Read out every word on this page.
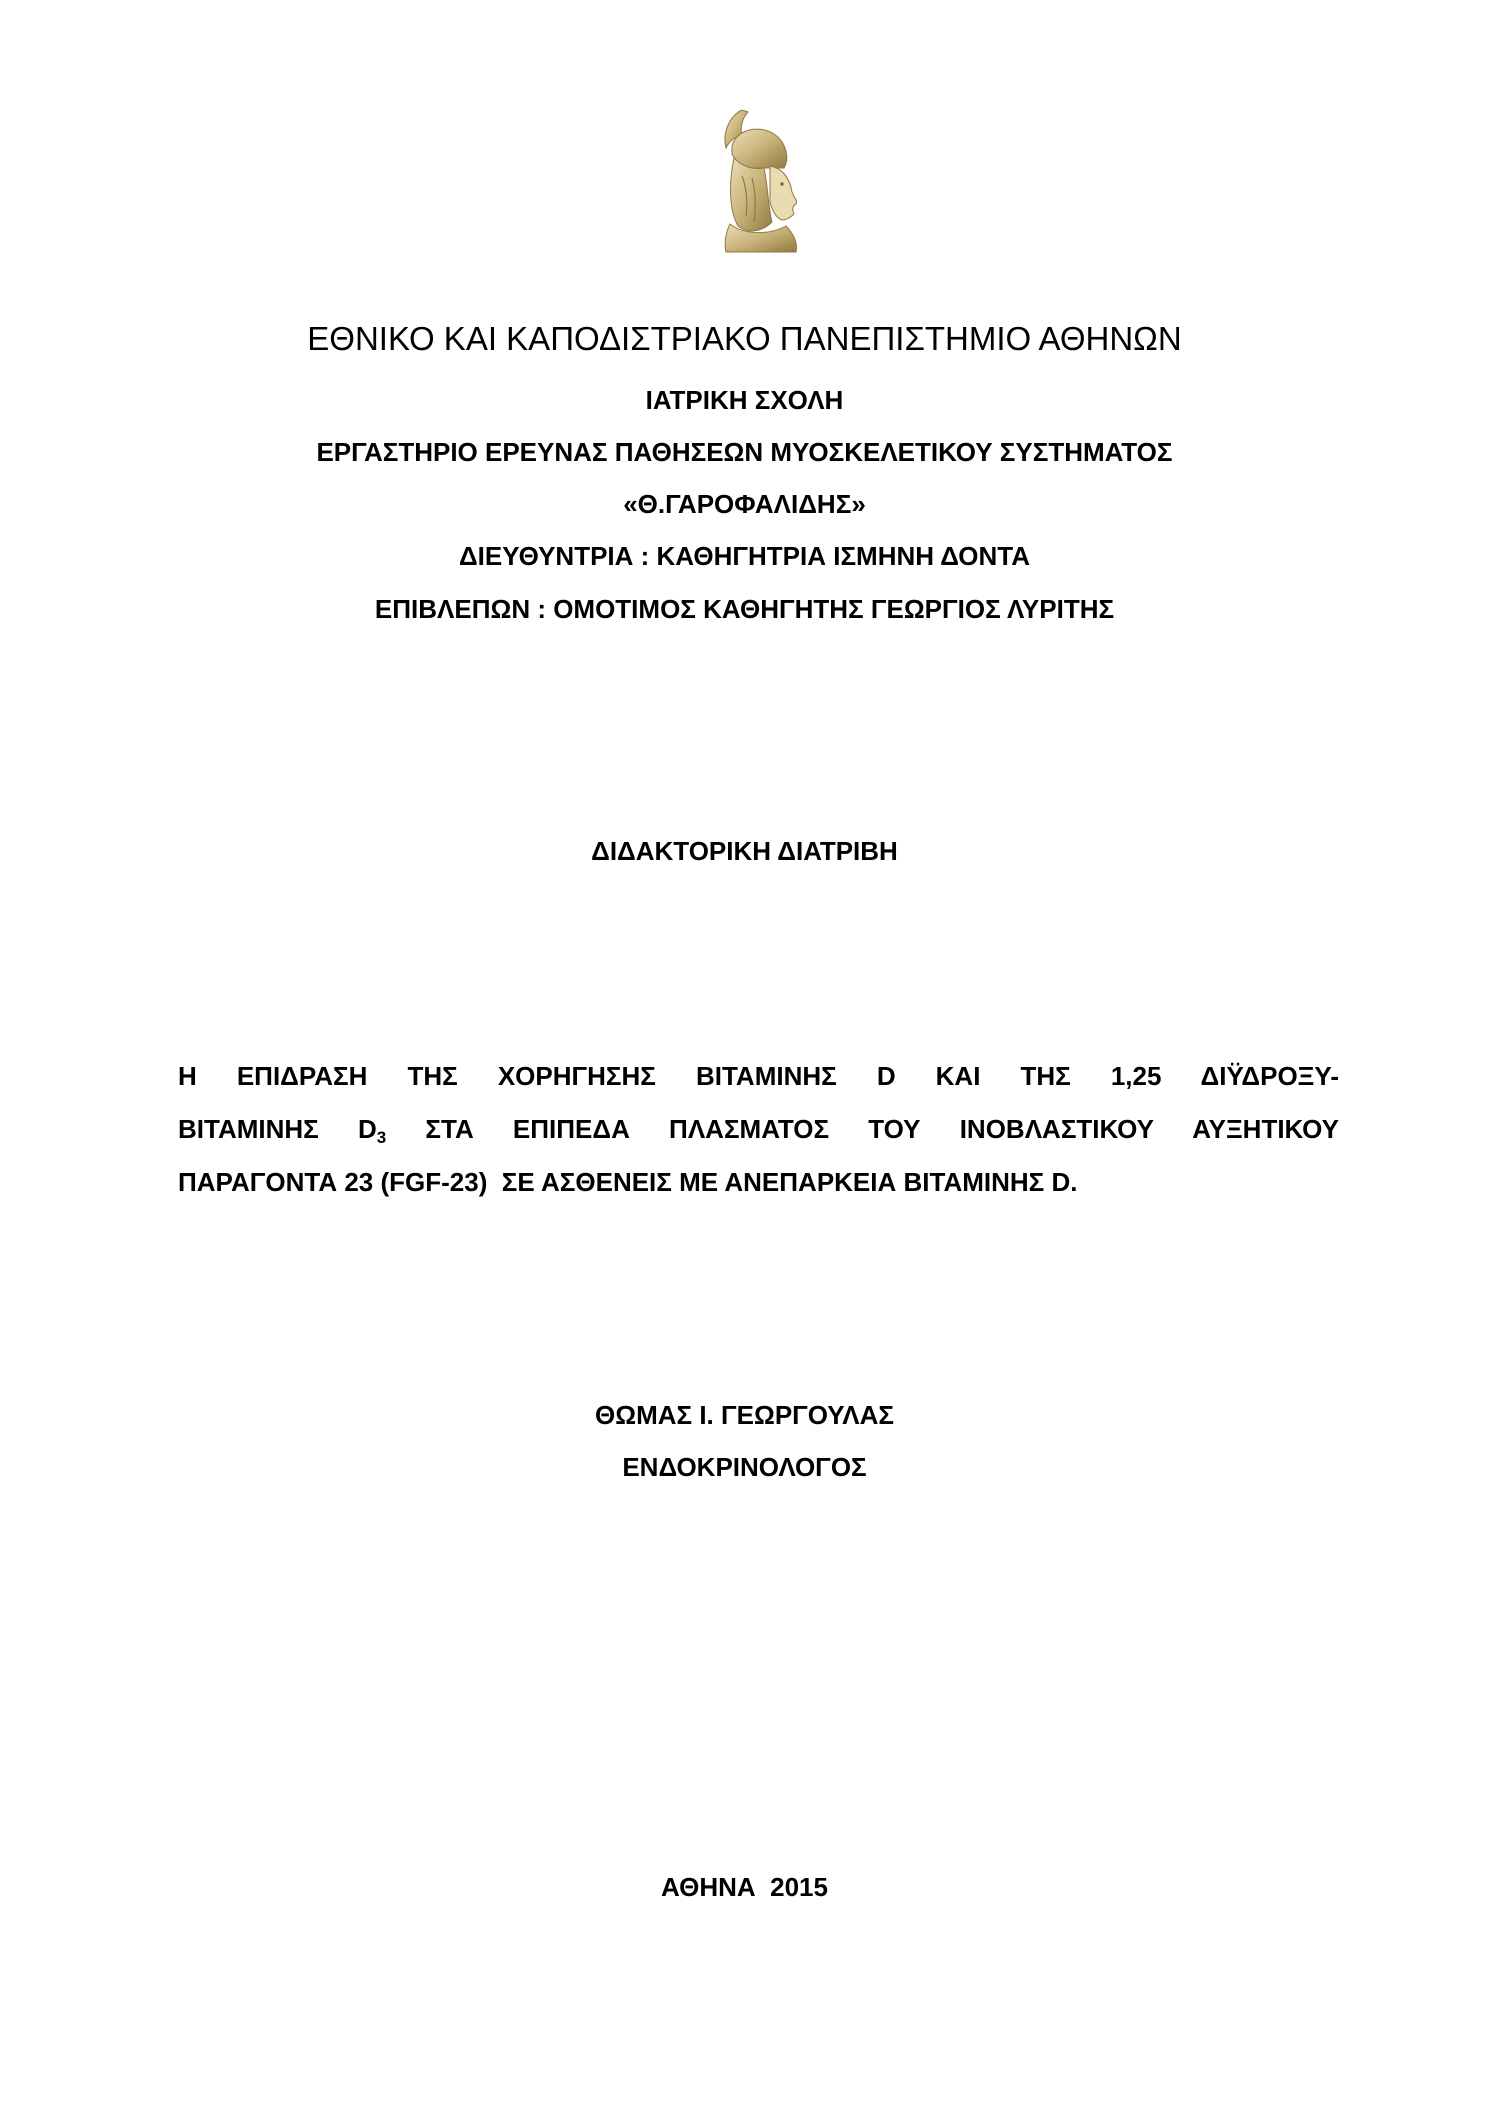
ΕΘΝΙΚΟ ΚΑΙ ΚΑΠΟΔΙΣΤΡΙΑΚΟ ΠΑΝΕΠΙΣΤΗΜΙΟ ΑΘΗΝΩΝ
ΙΑΤΡΙΚΗ ΣΧΟΛΗ
ΕΡΓΑΣΤΗΡΙΟ ΕΡΕΥΝΑΣ ΠΑΘΗΣΕΩΝ ΜΥΟΣΚΕΛΕΤΙΚΟΥ ΣΥΣΤΗΜΑΤΟΣ
«Θ.ΓΑΡΟΦΑΛΙΔΗΣ»
ΔΙΕΥΘΥΝΤΡΙΑ : ΚΑΘΗΓΗΤΡΙΑ ΙΣΜΗΝΗ ΔΟΝΤΑ
ΕΠΙΒΛΕΠΩΝ : ΟΜΟΤΙΜΟΣ ΚΑΘΗΓΗΤΗΣ ΓΕΩΡΓΙΟΣ ΛΥΡΙΤΗΣ
ΔΙΔΑΚΤΟΡΙΚΗ ΔΙΑΤΡΙΒΗ
Η ΕΠΙΔΡΑΣΗ ΤΗΣ ΧΟΡΗΓΗΣΗΣ ΒΙΤΑΜΙΝΗΣ D ΚΑΙ ΤΗΣ 1,25 ΔΙΫΔΡΟΞΥ-
ΒΙΤΑΜΙΝΗΣ $D_3$ ΣΤΑ ΕΠΙΠΕΔΑ ΠΛΑΣΜΑΤΟΣ ΤΟΥ ΙΝΟΒΛΑΣΤΙΚΟΥ ΑΥΞΗΤΙΚΟΥ
ΠΑΡΑΓΟΝΤΑ 23 (FGF-23)  ΣΕ ΑΣΘΕΝΕΙΣ ΜΕ ΑΝΕΠΑΡΚΕΙΑ ΒΙΤΑΜΙΝΗΣ D.
ΘΩΜΑΣ Ι. ΓΕΩΡΓΟΥΛΑΣ
ΕΝΔΟΚΡΙΝΟΛΟΓΟΣ
ΑΘΗΝΑ  2015
